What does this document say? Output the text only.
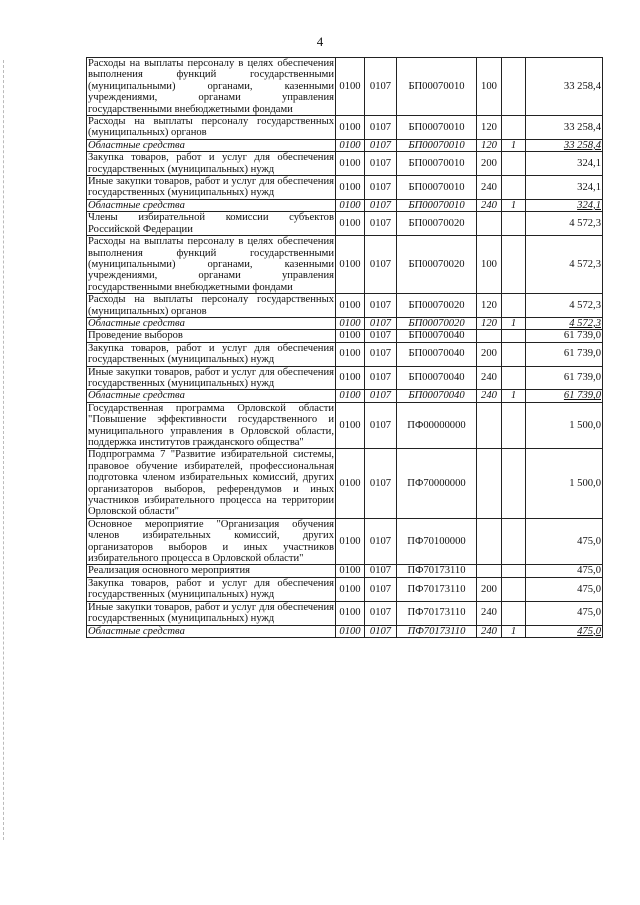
4
Расходы на выплаты персоналу в целях обеспечения выполнения функций государственными (муниципальными) органами, казенными учреждениями, органами управления государственными внебюджетными фондами	0100	0107	БП00070010	100		33 258,4
Расходы на выплаты персоналу государственных (муниципальных) органов	0100	0107	БП00070010	120		33 258,4
Областные средства	0100	0107	БП00070010	120	1	33 258,4
Закупка товаров, работ и услуг для обеспечения государственных (муниципальных) нужд	0100	0107	БП00070010	200		324,1
Иные закупки товаров, работ и услуг для обеспечения государственных (муниципальных) нужд	0100	0107	БП00070010	240		324,1
Областные средства	0100	0107	БП00070010	240	1	324,1
Члены избирательной комиссии субъектов Российской Федерации	0100	0107	БП00070020			4 572,3
Расходы на выплаты персоналу в целях обеспечения выполнения функций государственными (муниципальными) органами, казенными учреждениями, органами управления государственными внебюджетными фондами	0100	0107	БП00070020	100		4 572,3
Расходы на выплаты персоналу государственных (муниципальных) органов	0100	0107	БП00070020	120		4 572,3
Областные средства	0100	0107	БП00070020	120	1	4 572,3
Проведение выборов	0100	0107	БП00070040			61 739,0
Закупка товаров, работ и услуг для обеспечения государственных (муниципальных) нужд	0100	0107	БП00070040	200		61 739,0
Иные закупки товаров, работ и услуг для обеспечения государственных (муниципальных) нужд	0100	0107	БП00070040	240		61 739,0
Областные средства	0100	0107	БП00070040	240	1	61 739,0
Государственная программа Орловской области "Повышение эффективности государственного и муниципального управления в Орловской области, поддержка институтов гражданского общества"	0100	0107	ПФ00000000			1 500,0
Подпрограмма 7 "Развитие избирательной системы, правовое обучение избирателей, профессиональная подготовка членом избирательных комиссий, других организаторов выборов, референдумов и иных участников избирательного процесса на территории Орловской области"	0100	0107	ПФ70000000			1 500,0
Основное мероприятие "Организация обучения членов избирательных комиссий, других организаторов выборов и иных участников избирательного процесса в Орловской области"	0100	0107	ПФ70100000			475,0
Реализация основного мероприятия	0100	0107	ПФ70173110			475,0
Закупка товаров, работ и услуг для обеспечения государственных (муниципальных) нужд	0100	0107	ПФ70173110	200		475,0
Иные закупки товаров, работ и услуг для обеспечения государственных (муниципальных) нужд	0100	0107	ПФ70173110	240		475,0
Областные средства	0100	0107	ПФ70173110	240	1	475,0
